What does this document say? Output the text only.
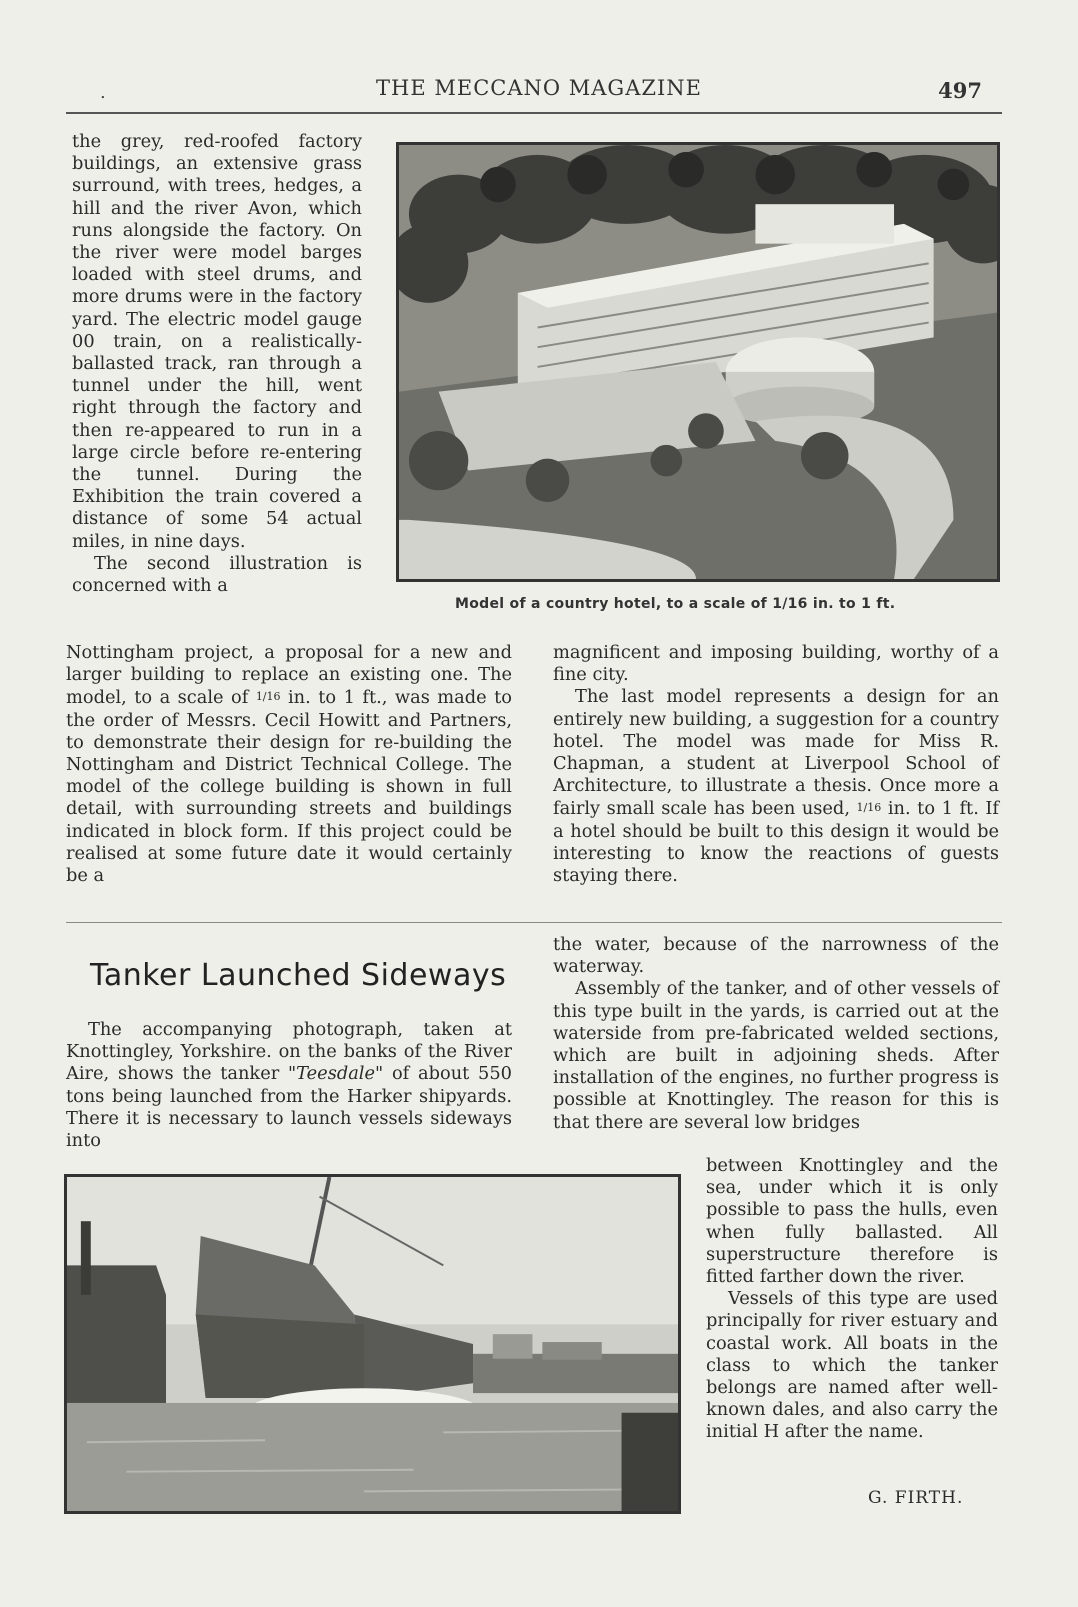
.	THE MECCANO MAGAZINE	497

the grey, red-roofed factory buildings, an extensive grass surround, with trees, hedges, a hill and the river Avon, which runs alongside the factory. On the river were model barges loaded with steel drums, and more drums were in the factory yard. The electric model gauge 00 train, on a realistically-ballasted track, ran through a tunnel under the hill, went right through the factory and then re-appeared to run in a large circle before re-entering the tunnel. During the Exhibition the train covered a distance of some 54 actual miles, in nine days.

The second illustration is concerned with a

Model of a country hotel, to a scale of 1/16 in. to 1 ft.

Nottingham project, a proposal for a new and larger building to replace an existing one. The model, to a scale of 1/16 in. to 1 ft., was made to the order of Messrs. Cecil Howitt and Partners, to demonstrate their design for re-building the Nottingham and District Technical College. The model of the college building is shown in full detail, with surrounding streets and buildings indicated in block form. If this project could be realised at some future date it would certainly be a

magnificent and imposing building, worthy of a fine city.

The last model represents a design for an entirely new building, a suggestion for a country hotel. The model was made for Miss R. Chapman, a student at Liverpool School of Architecture, to illustrate a thesis. Once more a fairly small scale has been used, 1/16 in. to 1 ft. If a hotel should be built to this design it would be interesting to know the reactions of guests staying there.

Tanker Launched Sideways

The accompanying photograph, taken at Knottingley, Yorkshire. on the banks of the River Aire, shows the tanker "Teesdale" of about 550 tons being launched from the Harker shipyards. There it is necessary to launch vessels sideways into

the water, because of the narrowness of the waterway.

Assembly of the tanker, and of other vessels of this type built in the yards, is carried out at the waterside from pre-fabricated welded sections, which are built in adjoining sheds. After installation of the engines, no further progress is possible at Knottingley. The reason for this is that there are several low bridges

between Knottingley and the sea, under which it is only possible to pass the hulls, even when fully ballasted. All superstructure therefore is fitted farther down the river.

Vessels of this type are used principally for river estuary and coastal work. All boats in the class to which the tanker belongs are named after well-known dales, and also carry the initial H after the name.

G. FIRTH.
